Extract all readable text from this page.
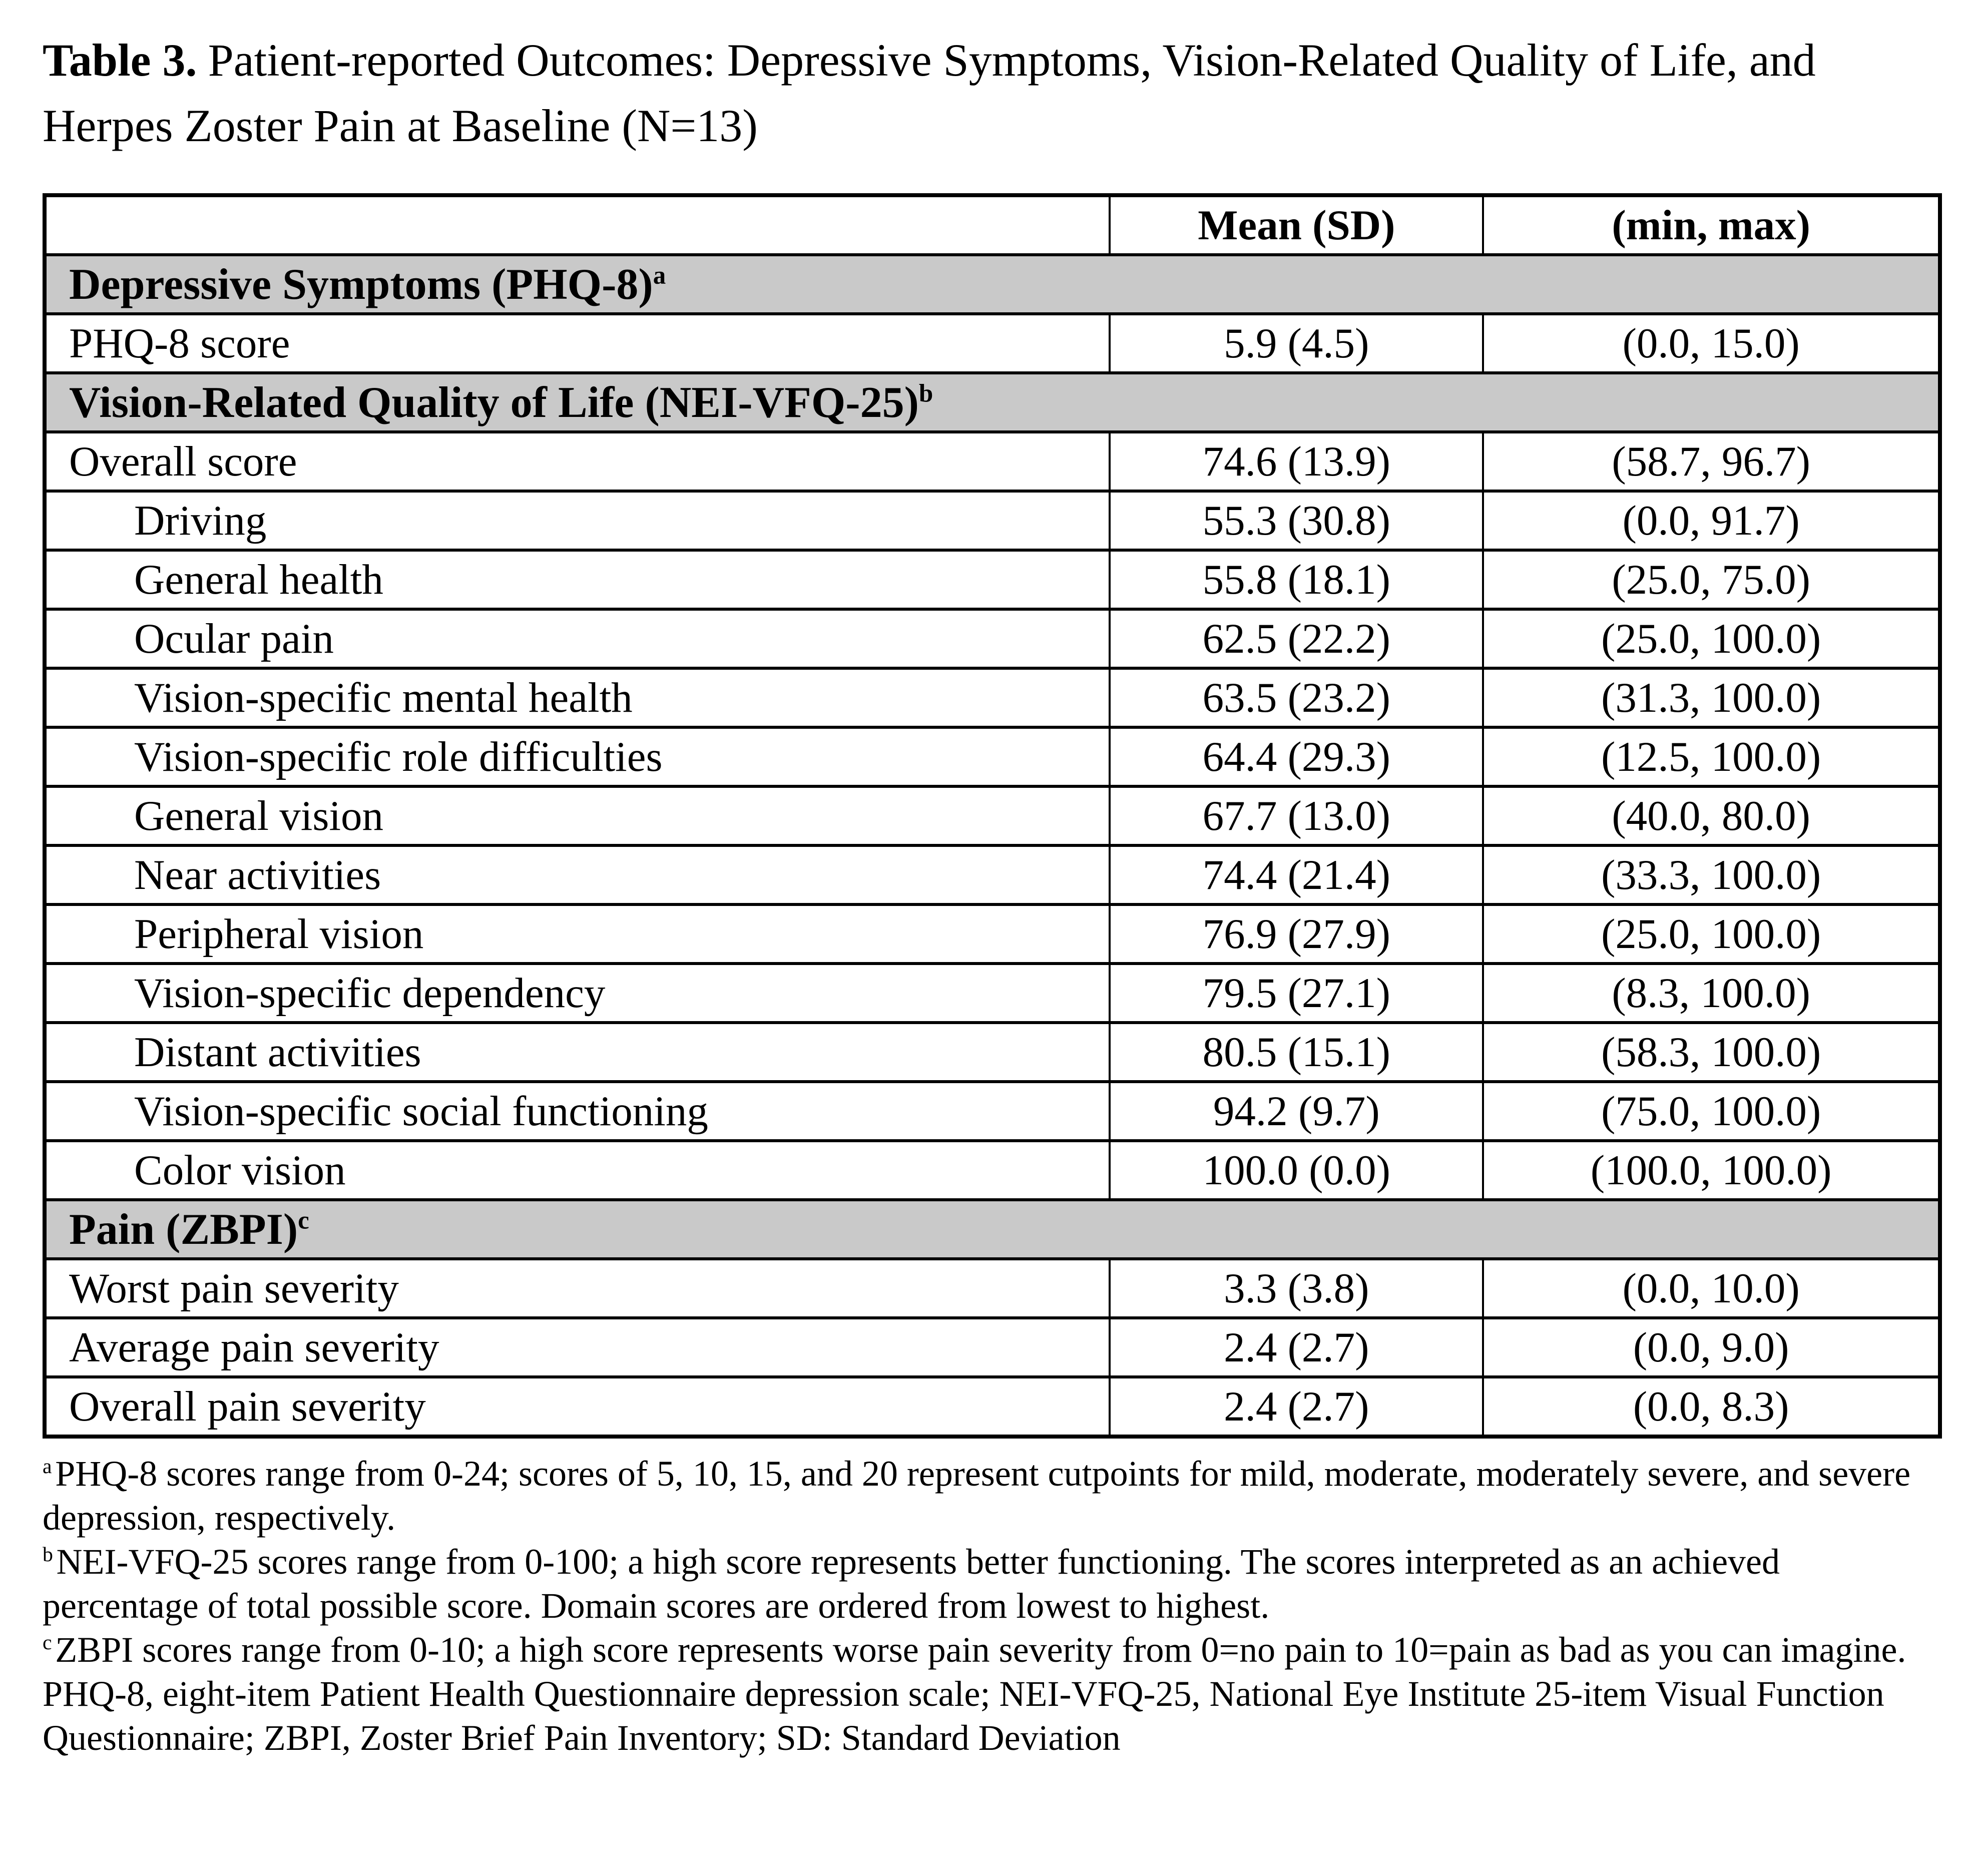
Table 3. Patient-reported Outcomes: Depressive Symptoms, Vision-Related Quality of Life, and Herpes Zoster Pain at Baseline (N=13)
	Mean (SD)	(min, max)
Depressive Symptoms $(PHQ-8)^a$
PHQ-8 score	5.9 (4.5)	(0.0, 15.0)
Vision-Related Quality of Life $(NEI-VFQ-25)^b$
Overall score	74.6 (13.9)	(58.7, 96.7)
Driving	55.3 (30.8)	(0.0, 91.7)
General health	55.8 (18.1)	(25.0, 75.0)
Ocular pain	62.5 (22.2)	(25.0, 100.0)
Vision-specific mental health	63.5 (23.2)	(31.3, 100.0)
Vision-specific role difficulties	64.4 (29.3)	(12.5, 100.0)
General vision	67.7 (13.0)	(40.0, 80.0)
Near activities	74.4 (21.4)	(33.3, 100.0)
Peripheral vision	76.9 (27.9)	(25.0, 100.0)
Vision-specific dependency	79.5 (27.1)	(8.3, 100.0)
Distant activities	80.5 (15.1)	(58.3, 100.0)
Vision-specific social functioning	94.2 (9.7)	(75.0, 100.0)
Color vision	100.0 (0.0)	(100.0, 100.0)
Pain (ZBPI)$^c$
Worst pain severity	3.3 (3.8)	(0.0, 10.0)
Average pain severity	2.4 (2.7)	(0.0, 9.0)
Overall pain severity	2.4 (2.7)	(0.0, 8.3)
$^a$PHQ-8 scores range from 0-24; scores of 5, 10, 15, and 20 represent cutpoints for mild, moderate, moderately severe, and severe depression, respectively.
$^b$NEI-VFQ-25 scores range from 0-100; a high score represents better functioning. The scores interpreted as an achieved percentage of total possible score. Domain scores are ordered from lowest to highest.
$^c$ZBPI scores range from 0-10; a high score represents worse pain severity from 0=no pain to 10=pain as bad as you can imagine.
PHQ-8, eight-item Patient Health Questionnaire depression scale; NEI-VFQ-25, National Eye Institute 25-item Visual Function Questionnaire; ZBPI, Zoster Brief Pain Inventory; SD: Standard Deviation
